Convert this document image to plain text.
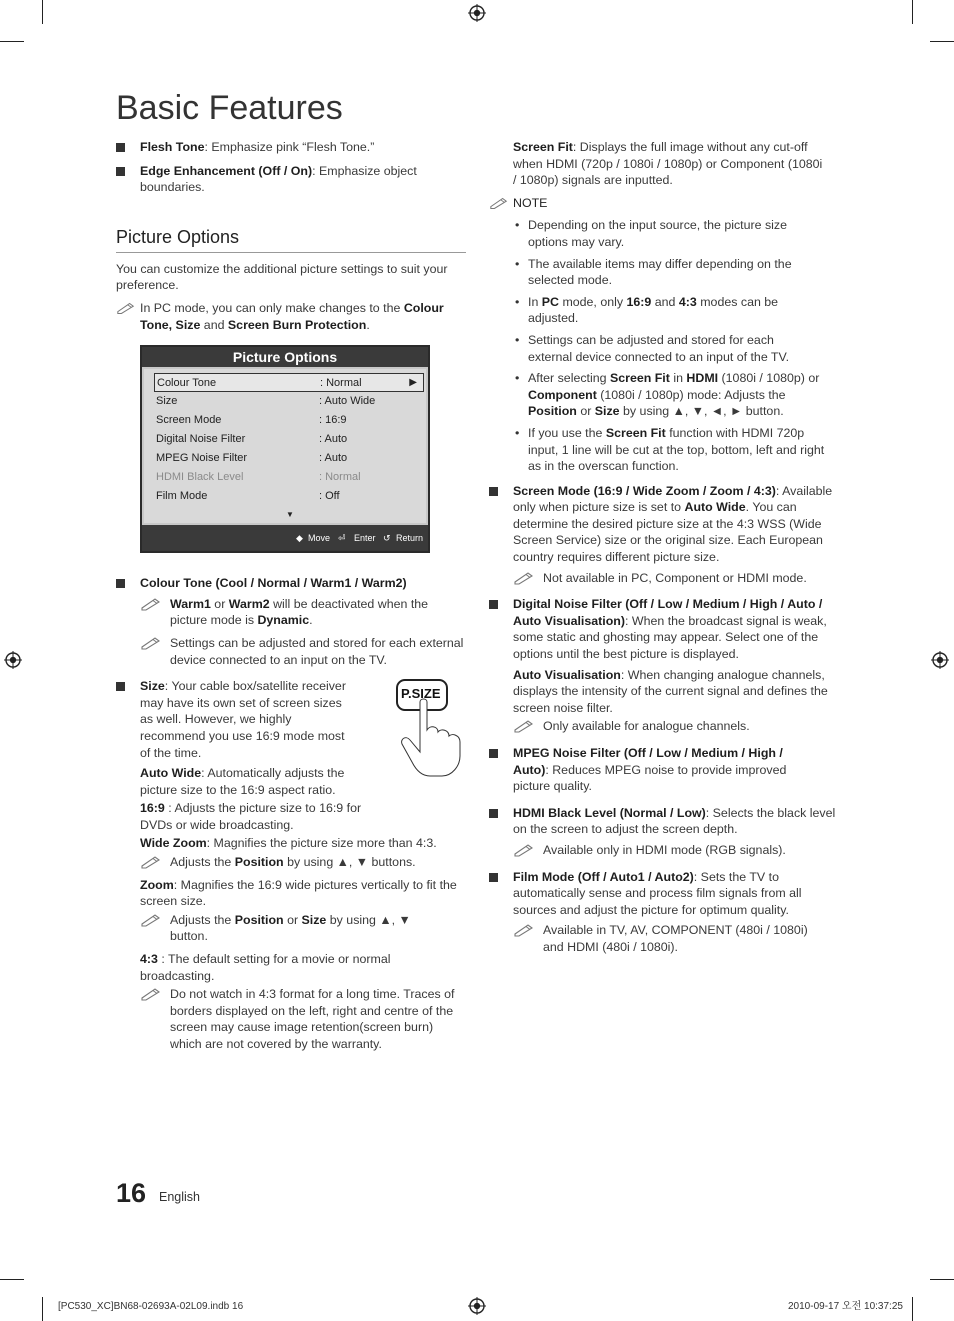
Basic Features

Flesh Tone: Emphasize pink “Flesh Tone.”

Edge Enhancement (Off / On): Emphasize object boundaries.

Picture Options

You can customize the additional picture settings to suit your preference.

In PC mode, you can only make changes to the Colour Tone, Size and Screen Burn Protection.

Picture Options
Colour Tone	: Normal	▶
Size	: Auto Wide
Screen Mode	: 16:9
Digital Noise Filter	: Auto
MPEG Noise Filter	: Auto
HDMI Black Level	: Normal
Film Mode	: Off
▼
◆ Move ⏎ Enter ↺ Return

Colour Tone (Cool / Normal / Warm1 / Warm2)

Warm1 or Warm2 will be deactivated when the picture mode is Dynamic.

Settings can be adjusted and stored for each external device connected to an input on the TV.

Size: Your cable box/satellite receiver may have its own set of screen sizes as well. However, we highly recommend you use 16:9 mode most of the time.

P.SIZE

Auto Wide: Automatically adjusts the picture size to the 16:9 aspect ratio.

16:9 : Adjusts the picture size to 16:9 for DVDs or wide broadcasting.

Wide Zoom: Magnifies the picture size more than 4:3.

Adjusts the Position by using ▲, ▼ buttons.

Zoom: Magnifies the 16:9 wide pictures vertically to fit the screen size.

Adjusts the Position or Size by using ▲, ▼ button.

4:3 : The default setting for a movie or normal broadcasting.

Do not watch in 4:3 format for a long time. Traces of borders displayed on the left, right and centre of the screen may cause image retention(screen burn) which are not covered by the warranty.

Screen Fit: Displays the full image without any cut-off when HDMI (720p / 1080i / 1080p) or Component (1080i / 1080p) signals are inputted.

NOTE

• Depending on the input source, the picture size options may vary.
• The available items may differ depending on the selected mode.
• In PC mode, only 16:9 and 4:3 modes can be adjusted.
• Settings can be adjusted and stored for each external device connected to an input of the TV.
• After selecting Screen Fit in HDMI (1080i / 1080p) or Component (1080i / 1080p) mode: Adjusts the Position or Size by using ▲, ▼, ◄, ► button.
• If you use the Screen Fit function with HDMI 720p input, 1 line will be cut at the top, bottom, left and right as in the overscan function.

Screen Mode (16:9 / Wide Zoom / Zoom / 4:3): Available only when picture size is set to Auto Wide. You can determine the desired picture size at the 4:3 WSS (Wide Screen Service) size or the original size. Each European country requires different picture size.

Not available in PC, Component or HDMI mode.

Digital Noise Filter (Off / Low / Medium / High / Auto / Auto Visualisation): When the broadcast signal is weak, some static and ghosting may appear. Select one of the options until the best picture is displayed.

Auto Visualisation: When changing analogue channels, displays the intensity of the current signal and defines the screen noise filter.

Only available for analogue channels.

MPEG Noise Filter (Off / Low / Medium / High / Auto): Reduces MPEG noise to provide improved picture quality.

HDMI Black Level (Normal / Low): Selects the black level on the screen to adjust the screen depth.

Available only in HDMI mode (RGB signals).

Film Mode (Off / Auto1 / Auto2): Sets the TV to automatically sense and process film signals from all sources and adjust the picture for optimum quality.

Available in TV, AV, COMPONENT (480i / 1080i) and HDMI (480i / 1080i).

16 English
[PC530_XC]BN68-02693A-02L09.indb 16	2010-09-17 오전 10:37:25
